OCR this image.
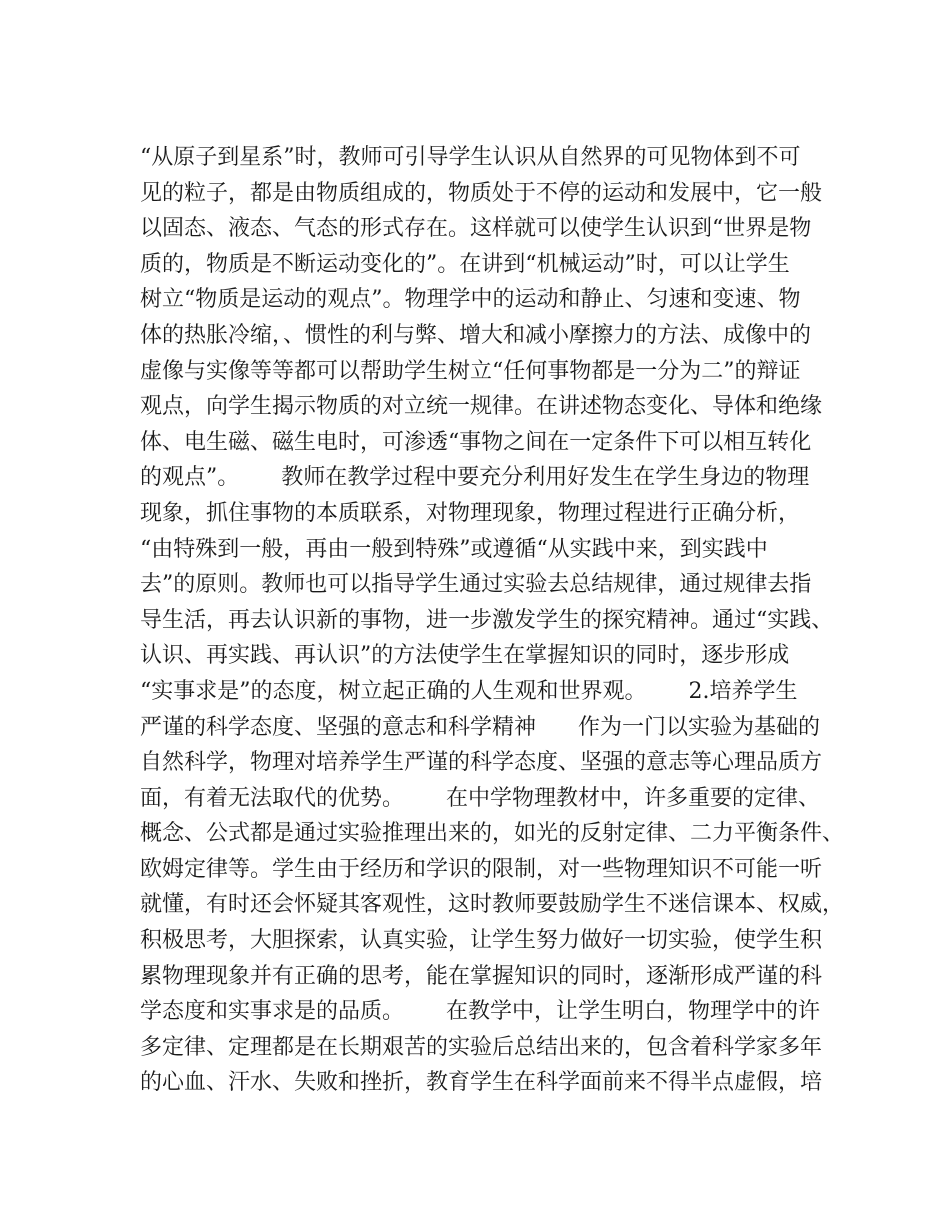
“从原子到星系”时，教师可引导学生认识从自然界的可见物体到不可
见的粒子，都是由物质组成的，物质处于不停的运动和发展中，它一般
以固态、液态、气态的形式存在。这样就可以使学生认识到“世界是物
质的，物质是不断运动变化的”。在讲到“机械运动”时，可以让学生
树立“物质是运动的观点”。物理学中的运动和静止、匀速和变速、物
体的热胀冷缩，、惯性的利与弊、增大和减小摩擦力的方法、成像中的
虚像与实像等等都可以帮助学生树立“任何事物都是一分为二”的辩证
观点，向学生揭示物质的对立统一规律。在讲述物态变化、导体和绝缘
体、电生磁、磁生电时，可渗透“事物之间在一定条件下可以相互转化
的观点”。      教师在教学过程中要充分利用好发生在学生身边的物理
现象，抓住事物的本质联系，对物理现象，物理过程进行正确分析，
“由特殊到一般，再由一般到特殊”或遵循“从实践中来，到实践中
去”的原则。教师也可以指导学生通过实验去总结规律，通过规律去指
导生活，再去认识新的事物，进一步激发学生的探究精神。通过“实践、
认识、再实践、再认识”的方法使学生在掌握知识的同时，逐步形成
“实事求是”的态度，树立起正确的人生观和世界观。      2.培养学生
严谨的科学态度、坚强的意志和科学精神      作为一门以实验为基础的
自然科学，物理对培养学生严谨的科学态度、坚强的意志等心理品质方
面，有着无法取代的优势。      在中学物理教材中，许多重要的定律、
概念、公式都是通过实验推理出来的，如光的反射定律、二力平衡条件、
欧姆定律等。学生由于经历和学识的限制，对一些物理知识不可能一听
就懂，有时还会怀疑其客观性，这时教师要鼓励学生不迷信课本、权威，
积极思考，大胆探索，认真实验，让学生努力做好一切实验，使学生积
累物理现象并有正确的思考，能在掌握知识的同时，逐渐形成严谨的科
学态度和实事求是的品质。      在教学中，让学生明白，物理学中的许
多定律、定理都是在长期艰苦的实验后总结出来的，包含着科学家多年
的心血、汗水、失败和挫折，教育学生在科学面前来不得半点虚假，培
